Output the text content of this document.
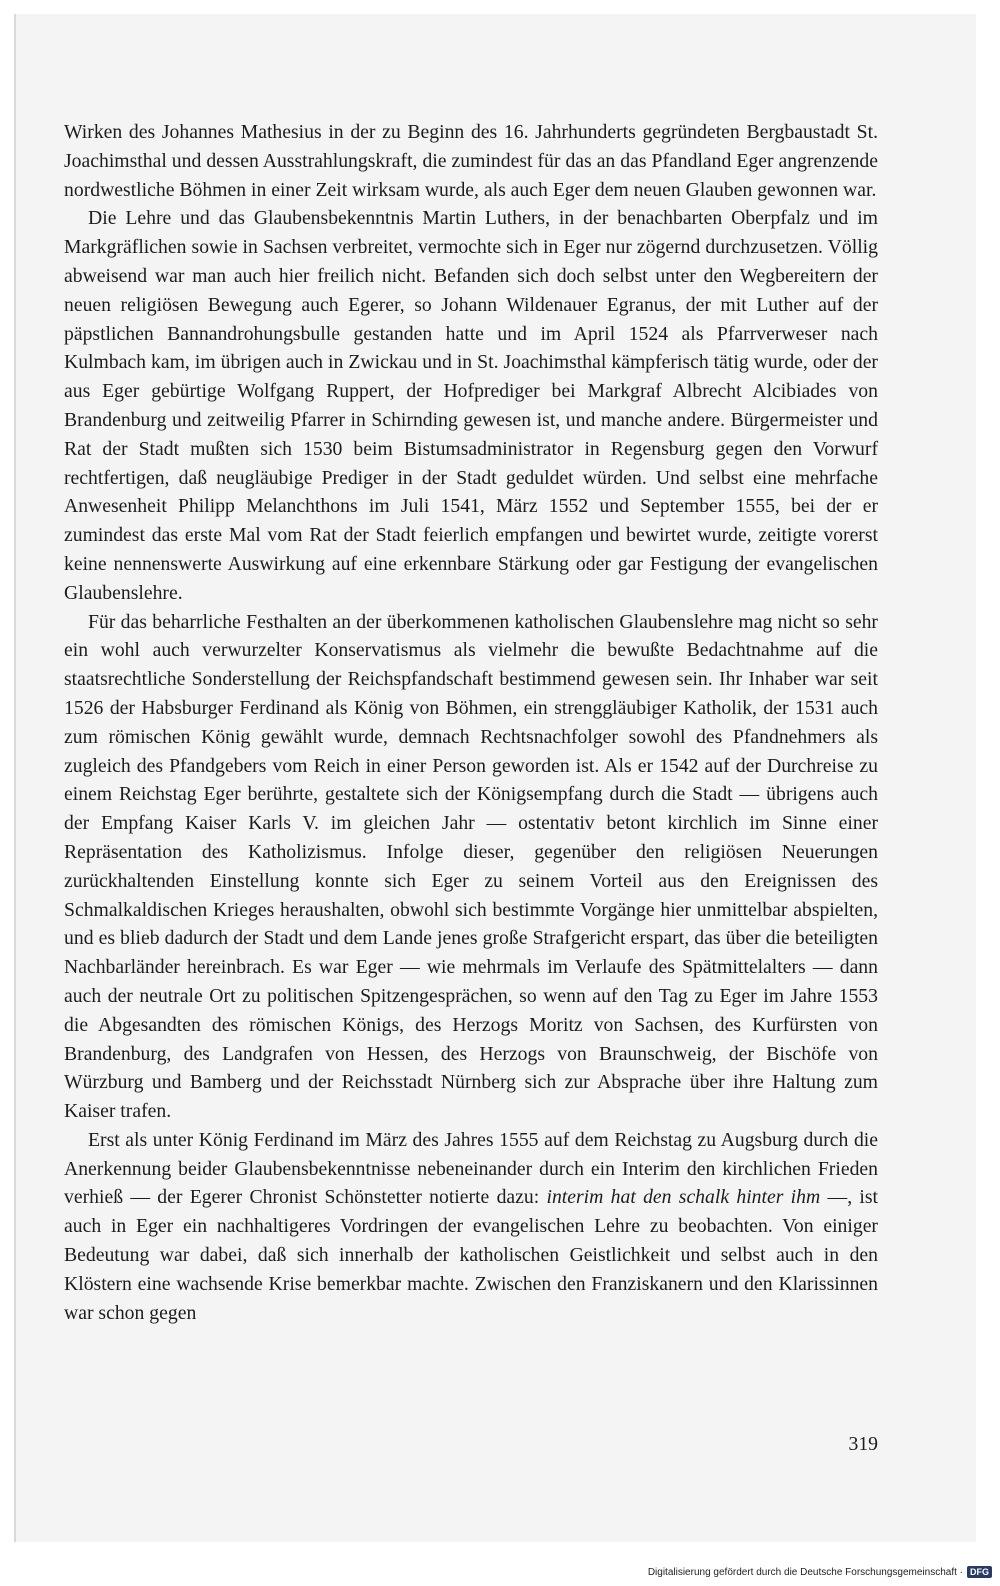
Wirken des Johannes Mathesius in der zu Beginn des 16. Jahrhunderts gegründeten Bergbaustadt St. Joachimsthal und dessen Ausstrahlungskraft, die zumindest für das an das Pfandland Eger angrenzende nordwestliche Böhmen in einer Zeit wirksam wurde, als auch Eger dem neuen Glauben gewonnen war.

Die Lehre und das Glaubensbekenntnis Martin Luthers, in der benachbarten Oberpfalz und im Markgräflichen sowie in Sachsen verbreitet, vermochte sich in Eger nur zögernd durchzusetzen. Völlig abweisend war man auch hier freilich nicht. Befanden sich doch selbst unter den Wegbereitern der neuen religiösen Bewegung auch Egerer, so Johann Wildenauer Egranus, der mit Luther auf der päpstlichen Bannandrohungsbulle gestanden hatte und im April 1524 als Pfarrverweser nach Kulmbach kam, im übrigen auch in Zwickau und in St. Joachimsthal kämpferisch tätig wurde, oder der aus Eger gebürtige Wolfgang Ruppert, der Hofprediger bei Markgraf Albrecht Alcibiades von Brandenburg und zeitweilig Pfarrer in Schirnding gewesen ist, und manche andere. Bürgermeister und Rat der Stadt mußten sich 1530 beim Bistumsadministrator in Regensburg gegen den Vorwurf rechtfertigen, daß neugläubige Prediger in der Stadt geduldet würden. Und selbst eine mehrfache Anwesenheit Philipp Melanchthons im Juli 1541, März 1552 und September 1555, bei der er zumindest das erste Mal vom Rat der Stadt feierlich empfangen und bewirtet wurde, zeitigte vorerst keine nennenswerte Auswirkung auf eine erkennbare Stärkung oder gar Festigung der evangelischen Glaubenslehre.

Für das beharrliche Festhalten an der überkommenen katholischen Glaubenslehre mag nicht so sehr ein wohl auch verwurzelter Konservatismus als vielmehr die bewußte Bedachtnahme auf die staatsrechtliche Sonderstellung der Reichspfandschaft bestimmend gewesen sein. Ihr Inhaber war seit 1526 der Habsburger Ferdinand als König von Böhmen, ein strenggläubiger Katholik, der 1531 auch zum römischen König gewählt wurde, demnach Rechtsnachfolger sowohl des Pfandnehmers als zugleich des Pfandgebers vom Reich in einer Person geworden ist. Als er 1542 auf der Durchreise zu einem Reichstag Eger berührte, gestaltete sich der Königsempfang durch die Stadt — übrigens auch der Empfang Kaiser Karls V. im gleichen Jahr — ostentativ betont kirchlich im Sinne einer Repräsentation des Katholizismus. Infolge dieser, gegenüber den religiösen Neuerungen zurückhaltenden Einstellung konnte sich Eger zu seinem Vorteil aus den Ereignissen des Schmalkaldischen Krieges heraushalten, obwohl sich bestimmte Vorgänge hier unmittelbar abspielten, und es blieb dadurch der Stadt und dem Lande jenes große Strafgericht erspart, das über die beteiligten Nachbarländer hereinbrach. Es war Eger — wie mehrmals im Verlaufe des Spätmittelalters — dann auch der neutrale Ort zu politischen Spitzengesprächen, so wenn auf den Tag zu Eger im Jahre 1553 die Abgesandten des römischen Königs, des Herzogs Moritz von Sachsen, des Kurfürsten von Brandenburg, des Landgrafen von Hessen, des Herzogs von Braunschweig, der Bischöfe von Würzburg und Bamberg und der Reichsstadt Nürnberg sich zur Absprache über ihre Haltung zum Kaiser trafen.

Erst als unter König Ferdinand im März des Jahres 1555 auf dem Reichstag zu Augsburg durch die Anerkennung beider Glaubensbekenntnisse nebeneinander durch ein Interim den kirchlichen Frieden verhieß — der Egerer Chronist Schönstetter notierte dazu: interim hat den schalk hinter ihm —, ist auch in Eger ein nachhaltigeres Vordringen der evangelischen Lehre zu beobachten. Von einiger Bedeutung war dabei, daß sich innerhalb der katholischen Geistlichkeit und selbst auch in den Klöstern eine wachsende Krise bemerkbar machte. Zwischen den Franziskanern und den Klarissinnen war schon gegen

319
Digitalisierung gefördert durch die Deutsche Forschungsgemeinschaft · DFG
